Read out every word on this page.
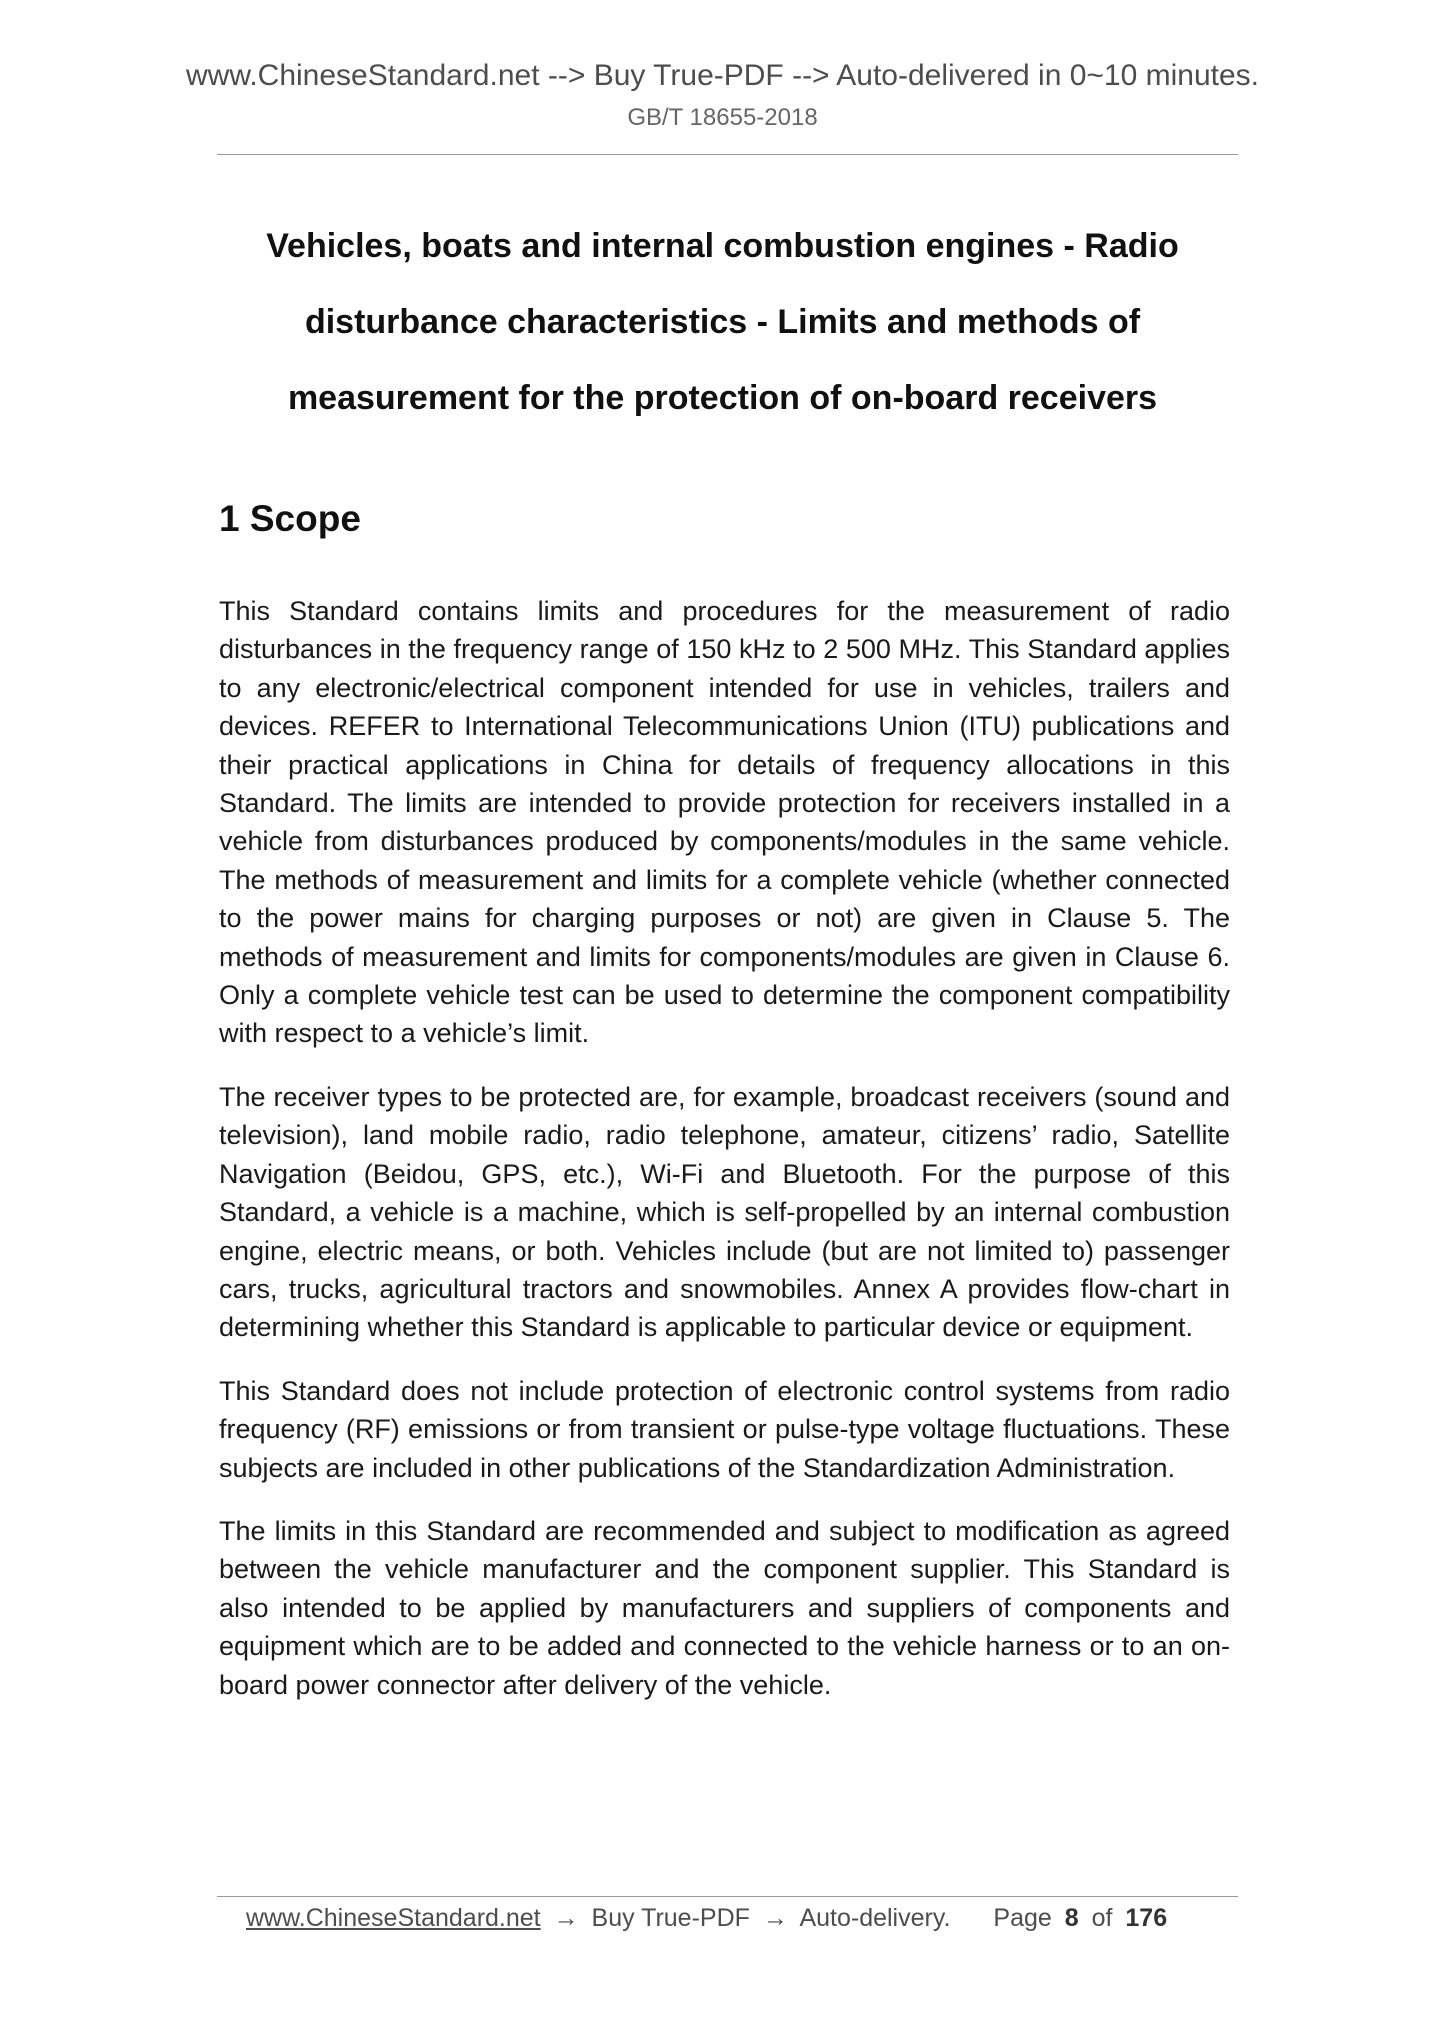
www.ChineseStandard.net --> Buy True-PDF --> Auto-delivered in 0~10 minutes.
GB/T 18655-2018
Vehicles, boats and internal combustion engines - Radio disturbance characteristics - Limits and methods of measurement for the protection of on-board receivers
1 Scope

This Standard contains limits and procedures for the measurement of radio disturbances in the frequency range of 150 kHz to 2 500 MHz. This Standard applies to any electronic/electrical component intended for use in vehicles, trailers and devices. REFER to International Telecommunications Union (ITU) publications and their practical applications in China for details of frequency allocations in this Standard. The limits are intended to provide protection for receivers installed in a vehicle from disturbances produced by components/modules in the same vehicle. The methods of measurement and limits for a complete vehicle (whether connected to the power mains for charging purposes or not) are given in Clause 5. The methods of measurement and limits for components/modules are given in Clause 6. Only a complete vehicle test can be used to determine the component compatibility with respect to a vehicle’s limit.

The receiver types to be protected are, for example, broadcast receivers (sound and television), land mobile radio, radio telephone, amateur, citizens’ radio, Satellite Navigation (Beidou, GPS, etc.), Wi-Fi and Bluetooth. For the purpose of this Standard, a vehicle is a machine, which is self-propelled by an internal combustion engine, electric means, or both. Vehicles include (but are not limited to) passenger cars, trucks, agricultural tractors and snowmobiles. Annex A provides flow-chart in determining whether this Standard is applicable to particular device or equipment.

This Standard does not include protection of electronic control systems from radio frequency (RF) emissions or from transient or pulse-type voltage fluctuations. These subjects are included in other publications of the Standardization Administration.

The limits in this Standard are recommended and subject to modification as agreed between the vehicle manufacturer and the component supplier. This Standard is also intended to be applied by manufacturers and suppliers of components and equipment which are to be added and connected to the vehicle harness or to an on-board power connector after delivery of the vehicle.

www.ChineseStandard.net → Buy True-PDF → Auto-delivery. Page 8 of 176
